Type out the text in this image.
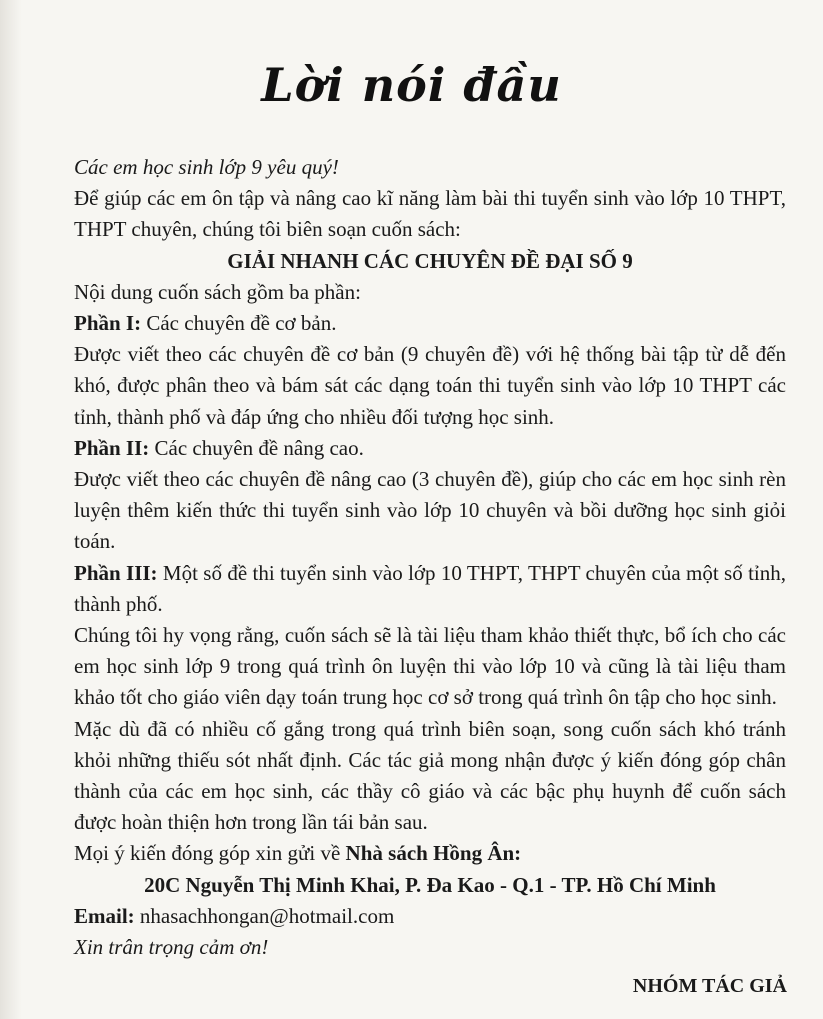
Lời nói đầu

Các em học sinh lớp 9 yêu quý!

Để giúp các em ôn tập và nâng cao kĩ năng làm bài thi tuyển sinh vào lớp 10 THPT, THPT chuyên, chúng tôi biên soạn cuốn sách:

GIẢI NHANH CÁC CHUYÊN ĐỀ ĐẠI SỐ 9

Nội dung cuốn sách gồm ba phần:

Phần I: Các chuyên đề cơ bản.

Được viết theo các chuyên đề cơ bản (9 chuyên đề) với hệ thống bài tập từ dễ đến khó, được phân theo và bám sát các dạng toán thi tuyển sinh vào lớp 10 THPT các tỉnh, thành phố và đáp ứng cho nhiều đối tượng học sinh.

Phần II: Các chuyên đề nâng cao.

Được viết theo các chuyên đề nâng cao (3 chuyên đề), giúp cho các em học sinh rèn luyện thêm kiến thức thi tuyển sinh vào lớp 10 chuyên và bồi dưỡng học sinh giỏi toán.

Phần III: Một số đề thi tuyển sinh vào lớp 10 THPT, THPT chuyên của một số tỉnh, thành phố.

Chúng tôi hy vọng rằng, cuốn sách sẽ là tài liệu tham khảo thiết thực, bổ ích cho các em học sinh lớp 9 trong quá trình ôn luyện thi vào lớp 10 và cũng là tài liệu tham khảo tốt cho giáo viên dạy toán trung học cơ sở trong quá trình ôn tập cho học sinh.

Mặc dù đã có nhiều cố gắng trong quá trình biên soạn, song cuốn sách khó tránh khỏi những thiếu sót nhất định. Các tác giả mong nhận được ý kiến đóng góp chân thành của các em học sinh, các thầy cô giáo và các bậc phụ huynh để cuốn sách được hoàn thiện hơn trong lần tái bản sau.

Mọi ý kiến đóng góp xin gửi về Nhà sách Hồng Ân:

20C Nguyễn Thị Minh Khai, P. Đa Kao - Q.1 - TP. Hồ Chí Minh

Email: nhasachhongan@hotmail.com

Xin trân trọng cảm ơn!

NHÓM TÁC GIẢ
